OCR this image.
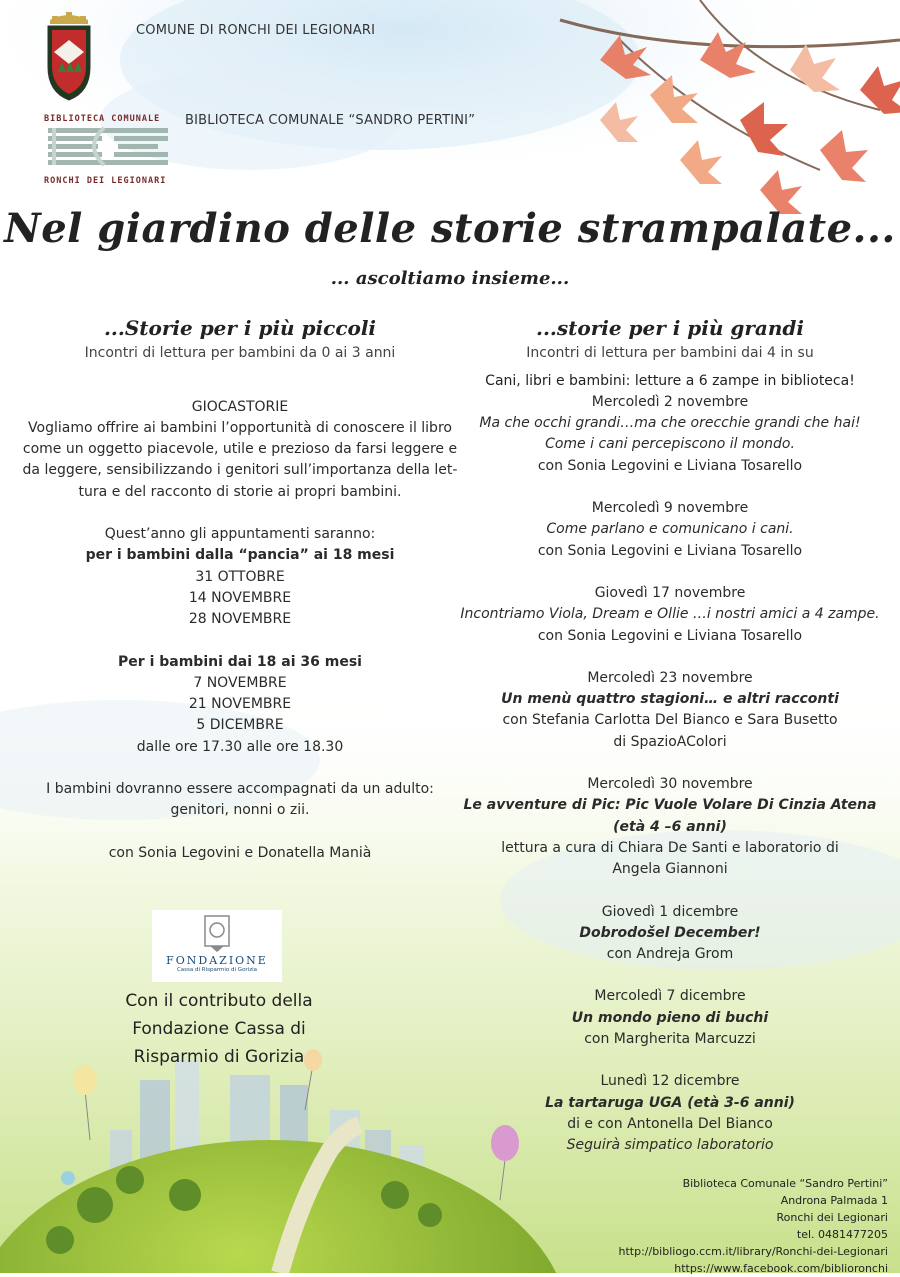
COMUNE DI RONCHI DEI LEGIONARI
BIBLIOTECA COMUNALE
RONCHI DEI LEGIONARI
BIBLIOTECA COMUNALE “SANDRO PERTINI”
Nel giardino delle storie strampalate...
... ascoltiamo insieme...
...Storie per i più piccoli
Incontri di lettura per bambini da 0 ai 3 anni
GIOCASTORIE
Vogliamo offrire ai bambini l’opportunità di conoscere il libro
come un oggetto piacevole, utile e prezioso da farsi leggere e
da leggere, sensibilizzando i genitori sull’importanza della let-
tura e del racconto di storie ai propri bambini.
Quest’anno gli appuntamenti saranno:
per i bambini dalla “pancia” ai 18 mesi
31 OTTOBRE
14 NOVEMBRE
28 NOVEMBRE
Per i bambini dai 18 ai 36 mesi
7 NOVEMBRE
21 NOVEMBRE
5 DICEMBRE
dalle ore 17.30 alle ore 18.30
I bambini dovranno essere accompagnati da un adulto:
genitori, nonni o zii.
con Sonia Legovini e Donatella Manià
FONDAZIONE
Cassa di Risparmio di Gorizia
Con il contributo della
Fondazione Cassa di
Risparmio di Gorizia
...storie per i più grandi
Incontri di lettura per bambini dai 4 in su
Cani, libri e bambini: letture a 6 zampe in biblioteca!
Mercoledì 2 novembre
Ma che occhi grandi…ma che orecchie grandi che hai!
Come i cani percepiscono il mondo.
con Sonia Legovini e Liviana Tosarello
Mercoledì 9 novembre
Come parlano e comunicano i cani.
con Sonia Legovini e Liviana Tosarello
Giovedì 17 novembre
Incontriamo Viola, Dream e Ollie …i nostri amici a 4 zampe.
con Sonia Legovini e Liviana Tosarello
Mercoledì 23 novembre
Un menù quattro stagioni… e altri racconti
con Stefania Carlotta Del Bianco e Sara Busetto
di SpazioAColori
Mercoledì 30 novembre
Le avventure di Pic: Pic Vuole Volare Di Cinzia Atena
(età 4 –6 anni)
lettura a cura di Chiara De Santi e laboratorio di
Angela Giannoni
Giovedì 1 dicembre
Dobrodošel December!
con Andreja Grom
Mercoledì 7 dicembre
Un mondo pieno di buchi
con Margherita Marcuzzi
Lunedì 12 dicembre
La tartaruga UGA (età 3-6 anni)
di e con Antonella Del Bianco
Seguirà simpatico laboratorio
Biblioteca Comunale “Sandro Pertini”
Androna Palmada 1
Ronchi dei Legionari
tel. 0481477205
http://bibliogo.ccm.it/library/Ronchi-dei-Legionari
https://www.facebook.com/biblioronchi
